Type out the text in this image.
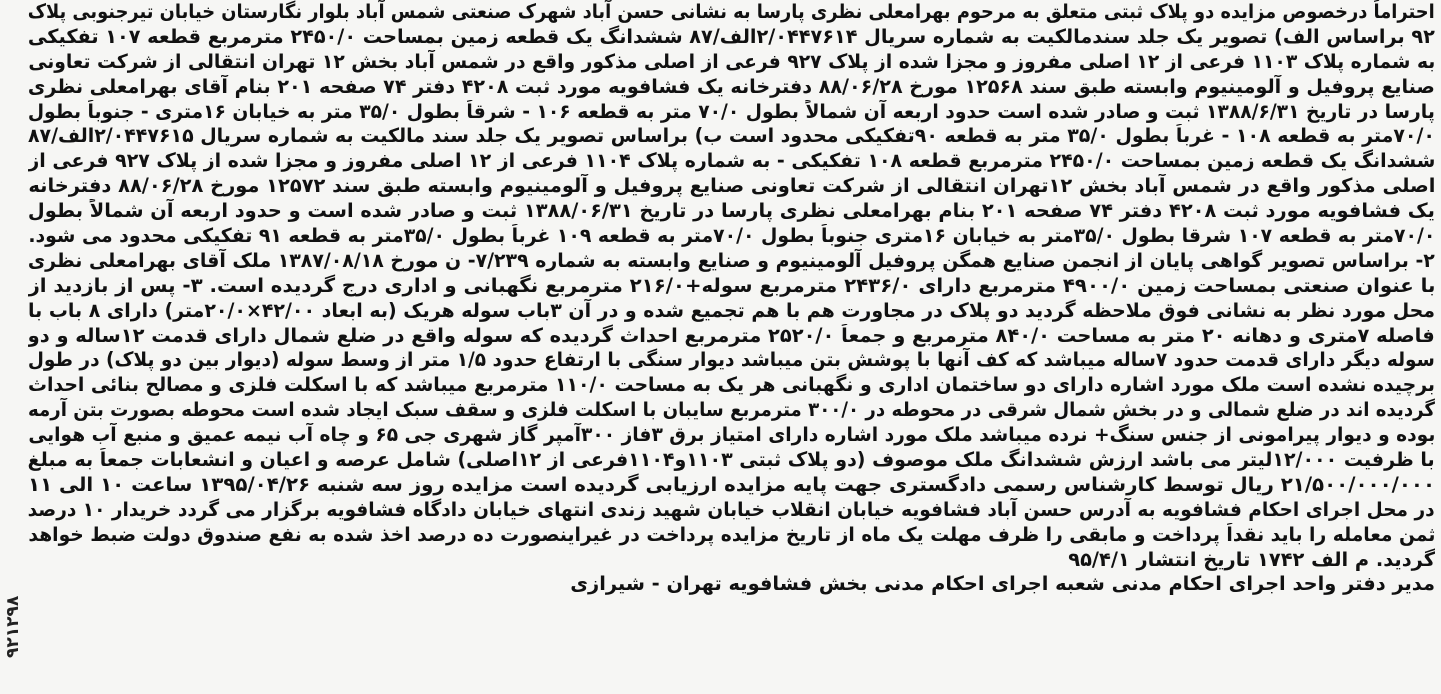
احتراماً درخصوص مزایده دو پلاک ثبتی متعلق به مرحوم بهرامعلی نظری پارسا به نشانی حسن آباد شهرک صنعتی شمس آباد بلوار نگارستان خیابان تیرجنوبی پلاک
۹۲ براساس الف) تصویر یک جلد سندمالکیت به شماره سریال ۲/۰۴۴۷۶۱۴الف/۸۷ ششدانگ یک قطعه زمین بمساحت ۲۴۵۰/۰ مترمربع قطعه ۱۰۷ تفکیکی
به شماره پلاک ۱۱۰۳ فرعی از ۱۲ اصلی مفروز و مجزا شده از پلاک ۹۲۷ فرعی از اصلی مذکور واقع در شمس آباد بخش ۱۲ تهران انتقالی از شرکت تعاونی
صنایع پروفیل و آلومینیوم وابسته طبق سند ۱۲۵۶۸ مورخ ۸۸/۰۶/۲۸ دفترخانه یک فشافویه مورد ثبت ۴۲۰۸ دفتر ۷۴ صفحه ۲۰۱ بنام آقای بهرامعلی نظری
پارسا در تاریخ ۱۳۸۸/۶/۳۱ ثبت و صادر شده است حدود اربعه آن شمالاً بطول ۷۰/۰ متر به قطعه ۱۰۶ - شرقاً بطول ۳۵/۰ متر به خیابان ۱۶متری - جنوباً بطول
۷۰/۰متر به قطعه ۱۰۸ - غرباً بطول ۳۵/۰ متر به قطعه ۹۰تفکیکی محدود است ب) براساس تصویر یک جلد سند مالکیت به شماره سریال ۲/۰۴۴۷۶۱۵الف/۸۷
ششدانگ یک قطعه زمین بمساحت ۲۴۵۰/۰ مترمربع قطعه ۱۰۸ تفکیکی - به شماره پلاک ۱۱۰۴ فرعی از ۱۲ اصلی مفروز و مجزا شده از پلاک ۹۲۷ فرعی از
اصلی مذکور واقع در شمس آباد بخش ۱۲تهران انتقالی از شرکت تعاونی صنایع پروفیل و آلومینیوم وابسته طبق سند ۱۲۵۷۲ مورخ ۸۸/۰۶/۲۸ دفترخانه
یک فشافویه مورد ثبت ۴۲۰۸ دفتر ۷۴ صفحه ۲۰۱ بنام بهرامعلی نظری پارسا در تاریخ ۱۳۸۸/۰۶/۳۱ ثبت و صادر شده است و حدود اربعه آن شمالاً بطول
۷۰/۰متر به قطعه ۱۰۷ شرقا بطول ۳۵/۰متر به خیابان ۱۶متری جنوباً بطول ۷۰/۰متر به قطعه ۱۰۹ غرباً بطول ۳۵/۰متر به قطعه ۹۱ تفکیکی محدود می شود.
۲- براساس تصویر گواهی پایان از انجمن صنایع همگن پروفیل آلومینیوم و صنایع وابسته به شماره ۷/۲۳۹- ن مورخ ۱۳۸۷/۰۸/۱۸ ملک آقای بهرامعلی نظری
با عنوان صنعتی بمساحت زمین ۴۹۰۰/۰ مترمربع دارای ۲۴۳۶/۰ مترمربع سوله+۲۱۶/۰ مترمربع نگهبانی و اداری درج گردیده است. ۳- پس از بازدید از
محل مورد نظر به نشانی فوق ملاحظه گردید دو پلاک در مجاورت هم با هم تجمیع شده و در آن ۳باب سوله هریک (به ابعاد ۴۲/۰۰×۲۰/۰متر) دارای ۸ باب با
فاصله ۷متری و دهانه ۲۰ متر به مساحت ۸۴۰/۰ مترمربع و جمعاً ۲۵۲۰/۰ مترمربع احداث گردیده که سوله واقع در ضلع شمال دارای قدمت ۱۲ساله و دو
سوله دیگر دارای قدمت حدود ۷ساله میباشد که کف آنها با پوشش بتن میباشد دیوار سنگی با ارتفاع حدود ۱/۵ متر از وسط سوله (دیوار بین دو پلاک) در طول
برچیده نشده است ملک مورد اشاره دارای دو ساختمان اداری و نگهبانی هر یک به مساحت ۱۱۰/۰ مترمربع میباشد که با اسکلت فلزی و مصالح بنائی احداث
گردیده اند در ضلع شمالی و در بخش شمال شرقی در محوطه در ۳۰۰/۰ مترمربع سایبان با اسکلت فلزی و سقف سبک ایجاد شده است محوطه بصورت بتن آرمه
بوده و دیوار پیرامونی از جنس سنگ+ نرده میباشد ملک مورد اشاره دارای امتیاز برق ۳فاز ۳۰۰آمپر گاز شهری جی ۶۵ و چاه آب نیمه عمیق و منبع آب هوایی
با ظرفیت ۱۲/۰۰۰لیتر می باشد ارزش ششدانگ ملک موصوف (دو پلاک ثبتی ۱۱۰۳و۱۱۰۴فرعی از ۱۲اصلی) شامل عرصه و اعیان و انشعابات جمعاً به مبلغ
۲۱/۵۰۰/۰۰۰/۰۰۰ ریال توسط کارشناس رسمی دادگستری جهت پایه مزایده ارزیابی گردیده است مزایده روز سه شنبه ۱۳۹۵/۰۴/۲۶ ساعت ۱۰ الی ۱۱
در محل اجرای احکام فشافویه به آدرس حسن آباد فشافویه خیابان انقلاب خیابان شهید زندی انتهای خیابان دادگاه فشافویه برگزار می گردد خریدار ۱۰ درصد
ثمن معامله را باید نقداً پرداخت و مابقی را ظرف مهلت یک ماه از تاریخ مزایده پرداخت در غیراینصورت ده درصد اخذ شده به نفع صندوق دولت ضبط خواهد
گردید. م الف ۱۷۴۲ تاریخ انتشار ۹۵/۴/۱
مدیر دفتر واحد اجرای احکام مدنی شعبه اجرای احکام مدنی بخش فشافویه تهران - شیرازی
۹۲۱۲۹۸
